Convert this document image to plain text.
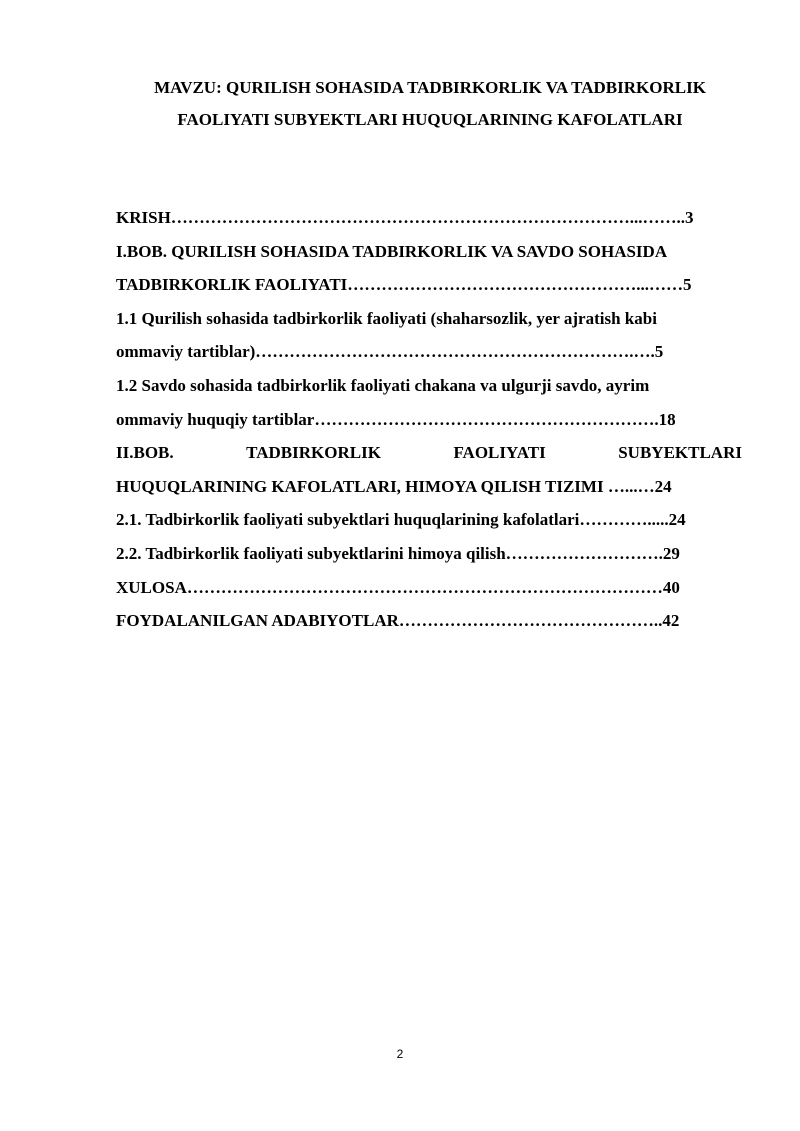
MAVZU: QURILISH SOHASIDA TADBIRKORLIK VA TADBIRKORLIK
FAOLIYATI SUBYEKTLARI HUQUQLARINING KAFOLATLARI
KRISH………………………………………………………………………...……..3
I.BOB. QURILISH SOHASIDA TADBIRKORLIK VA SAVDO SOHASIDA
TADBIRKORLIK FAOLIYATI……………………………………………...……5
1.1 Qurilish sohasida tadbirkorlik faoliyati (shaharsozlik, yer ajratish kabi
ommaviy tartiblar)………………………………………………………….….5
1.2 Savdo sohasida tadbirkorlik faoliyati chakana va ulgurji savdo, ayrim
ommaviy huquqiy tartiblar…………………………………………………….18
II.BOB.	TADBIRKORLIK	FAOLIYATI	SUBYEKTLARI
HUQUQLARINING KAFOLATLARI, HIMOYA QILISH TIZIMI …...…24
2.1. Tadbirkorlik faoliyati subyektlari huquqlarining kafolatlari………….....24
2.2. Tadbirkorlik faoliyati subyektlarini himoya qilish……………………….29
XULOSA…………………………………………………………………………40
FOYDALANILGAN ADABIYOTLAR………………………………………..42
2
